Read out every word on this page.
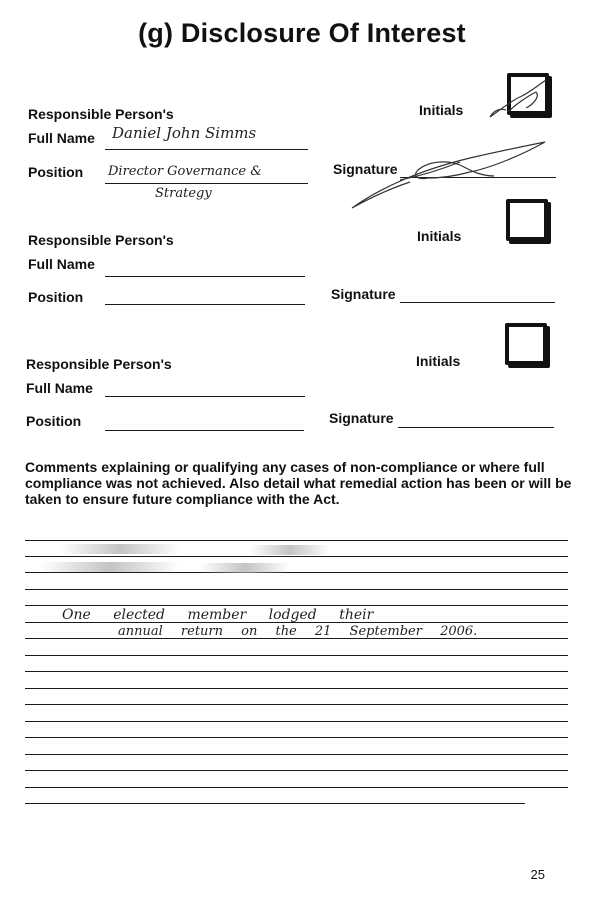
(g) Disclosure Of Interest
Responsible Person's
Full Name Daniel John Simms
Position Director Governance &
Strategy
Initials
Signature
Responsible Person's
Full Name
Position
Initials
Signature
Responsible Person's
Full Name
Position
Initials
Signature
Comments explaining or qualifying any cases of non-compliance or where full compliance was not achieved. Also detail what remedial action has been or will be taken to ensure future compliance with the Act.
One elected member lodged their
annual return on the 21 September 2006.
25
